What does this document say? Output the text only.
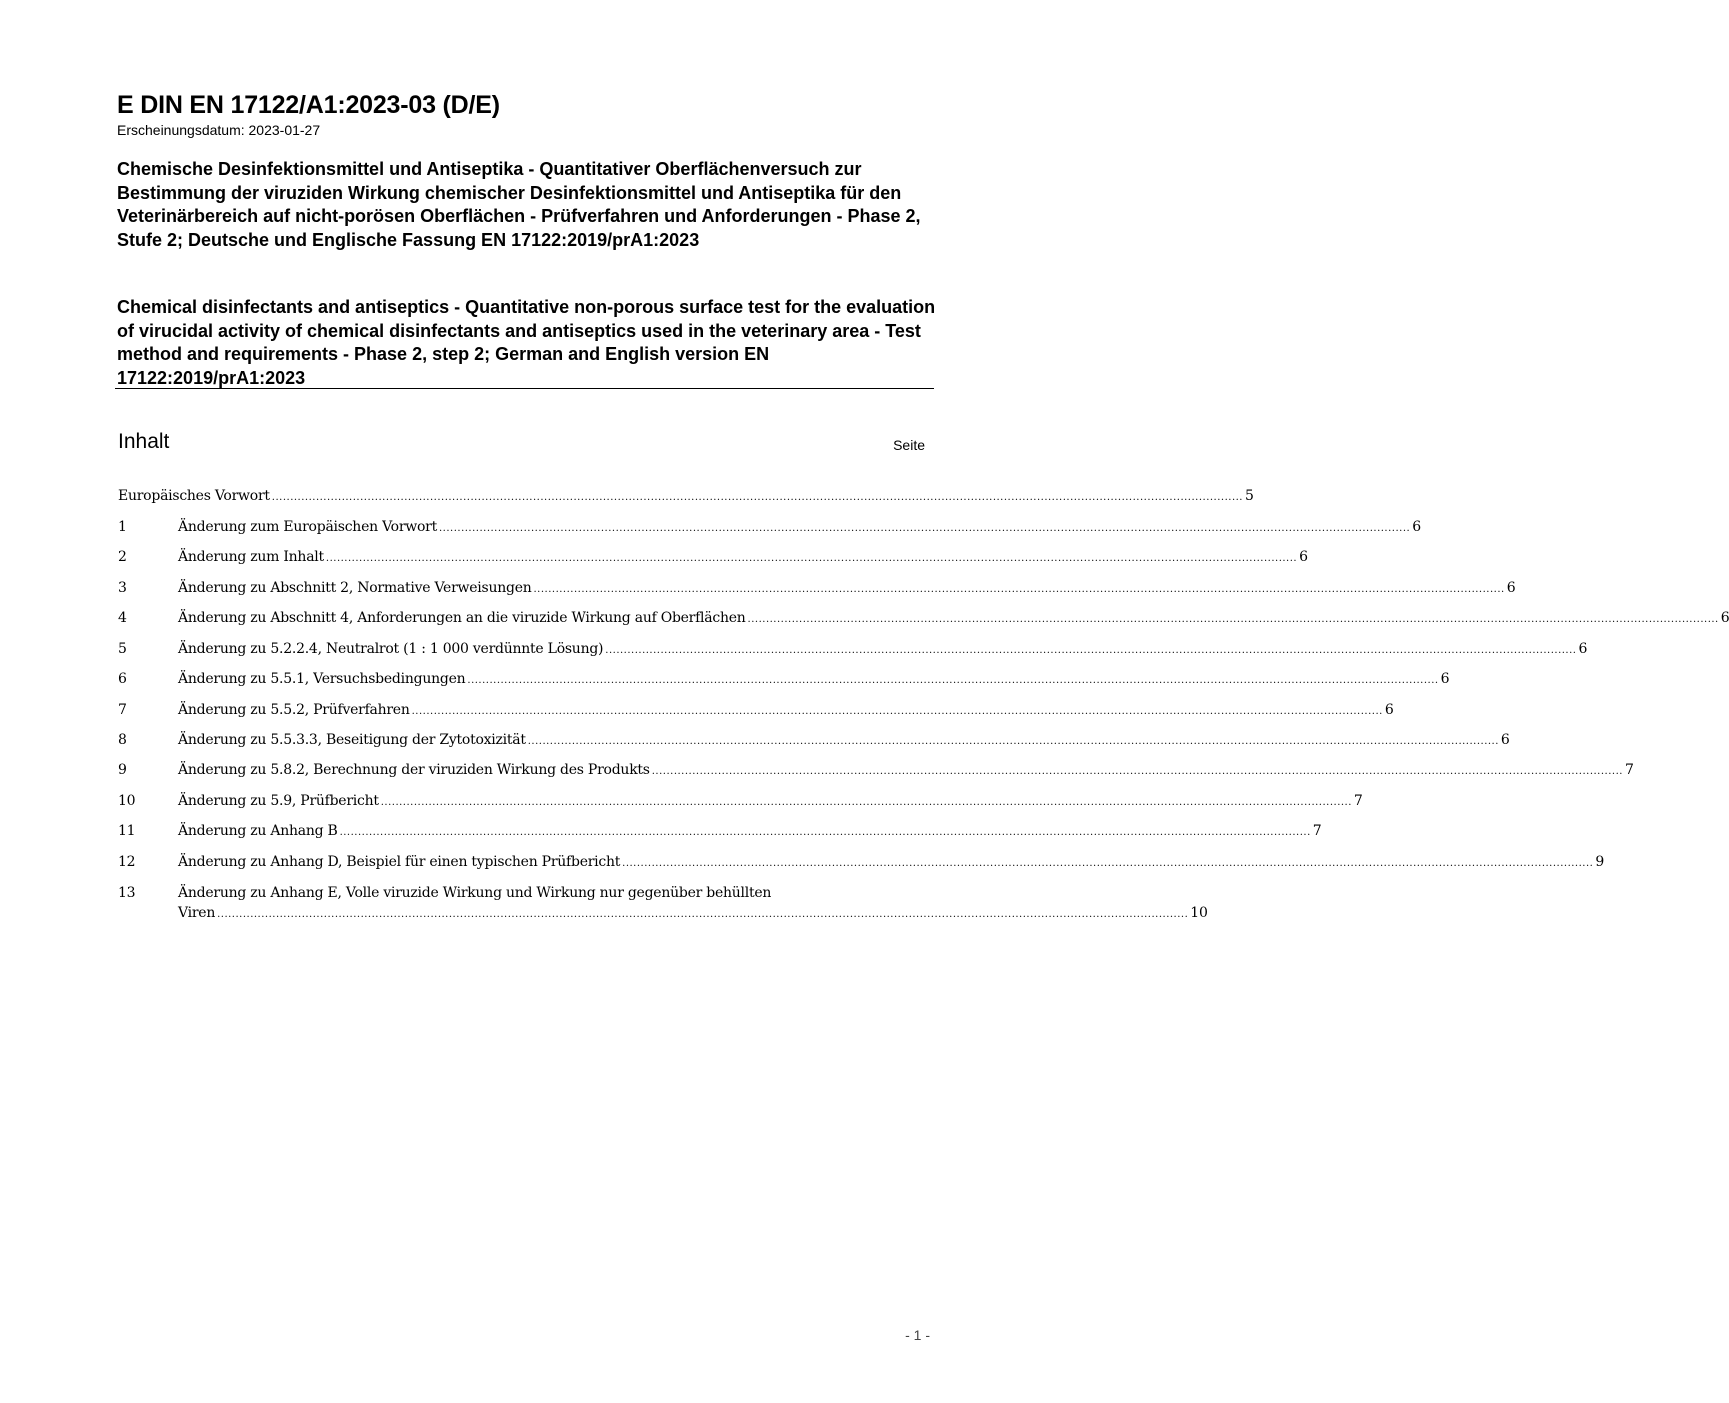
E DIN EN 17122/A1:2023-03 (D/E)
Erscheinungsdatum: 2023-01-27
Chemische Desinfektionsmittel und Antiseptika - Quantitativer Oberflächenversuch zur Bestimmung der viruziden Wirkung chemischer Desinfektionsmittel und Antiseptika für den Veterinärbereich auf nicht-porösen Oberflächen - Prüfverfahren und Anforderungen - Phase 2, Stufe 2; Deutsche und Englische Fassung EN 17122:2019/prA1:2023
Chemical disinfectants and antiseptics - Quantitative non-porous surface test for the evaluation of virucidal activity of chemical disinfectants and antiseptics used in the veterinary area - Test method and requirements - Phase 2, step 2; German and English version EN 17122:2019/prA1:2023
Inhalt	Seite
Europäisches Vorwort ........................................................................................................................................................................................................................................................................ 5
1	Änderung zum Europäischen Vorwort ........................................................................................................................................................................................................................................................................ 6
2	Änderung zum Inhalt ........................................................................................................................................................................................................................................................................ 6
3	Änderung zu Abschnitt 2, Normative Verweisungen ........................................................................................................................................................................................................................................................................ 6
4	Änderung zu Abschnitt 4, Anforderungen an die viruzide Wirkung auf Oberflächen ........................................................................................................................................................................................................................................................................ 6
5	Änderung zu 5.2.2.4, Neutralrot (1 : 1 000 verdünnte Lösung) ........................................................................................................................................................................................................................................................................ 6
6	Änderung zu 5.5.1, Versuchsbedingungen ........................................................................................................................................................................................................................................................................ 6
7	Änderung zu 5.5.2, Prüfverfahren ........................................................................................................................................................................................................................................................................ 6
8	Änderung zu 5.5.3.3, Beseitigung der Zytotoxizität ........................................................................................................................................................................................................................................................................ 6
9	Änderung zu 5.8.2, Berechnung der viruziden Wirkung des Produkts ........................................................................................................................................................................................................................................................................ 7
10	Änderung zu 5.9, Prüfbericht ........................................................................................................................................................................................................................................................................ 7
11	Änderung zu Anhang B ........................................................................................................................................................................................................................................................................ 7
12	Änderung zu Anhang D, Beispiel für einen typischen Prüfbericht ........................................................................................................................................................................................................................................................................ 9
13	Änderung zu Anhang E, Volle viruzide Wirkung und Wirkung nur gegenüber behüllten
Viren ........................................................................................................................................................................................................................................................................ 10
- 1 -
